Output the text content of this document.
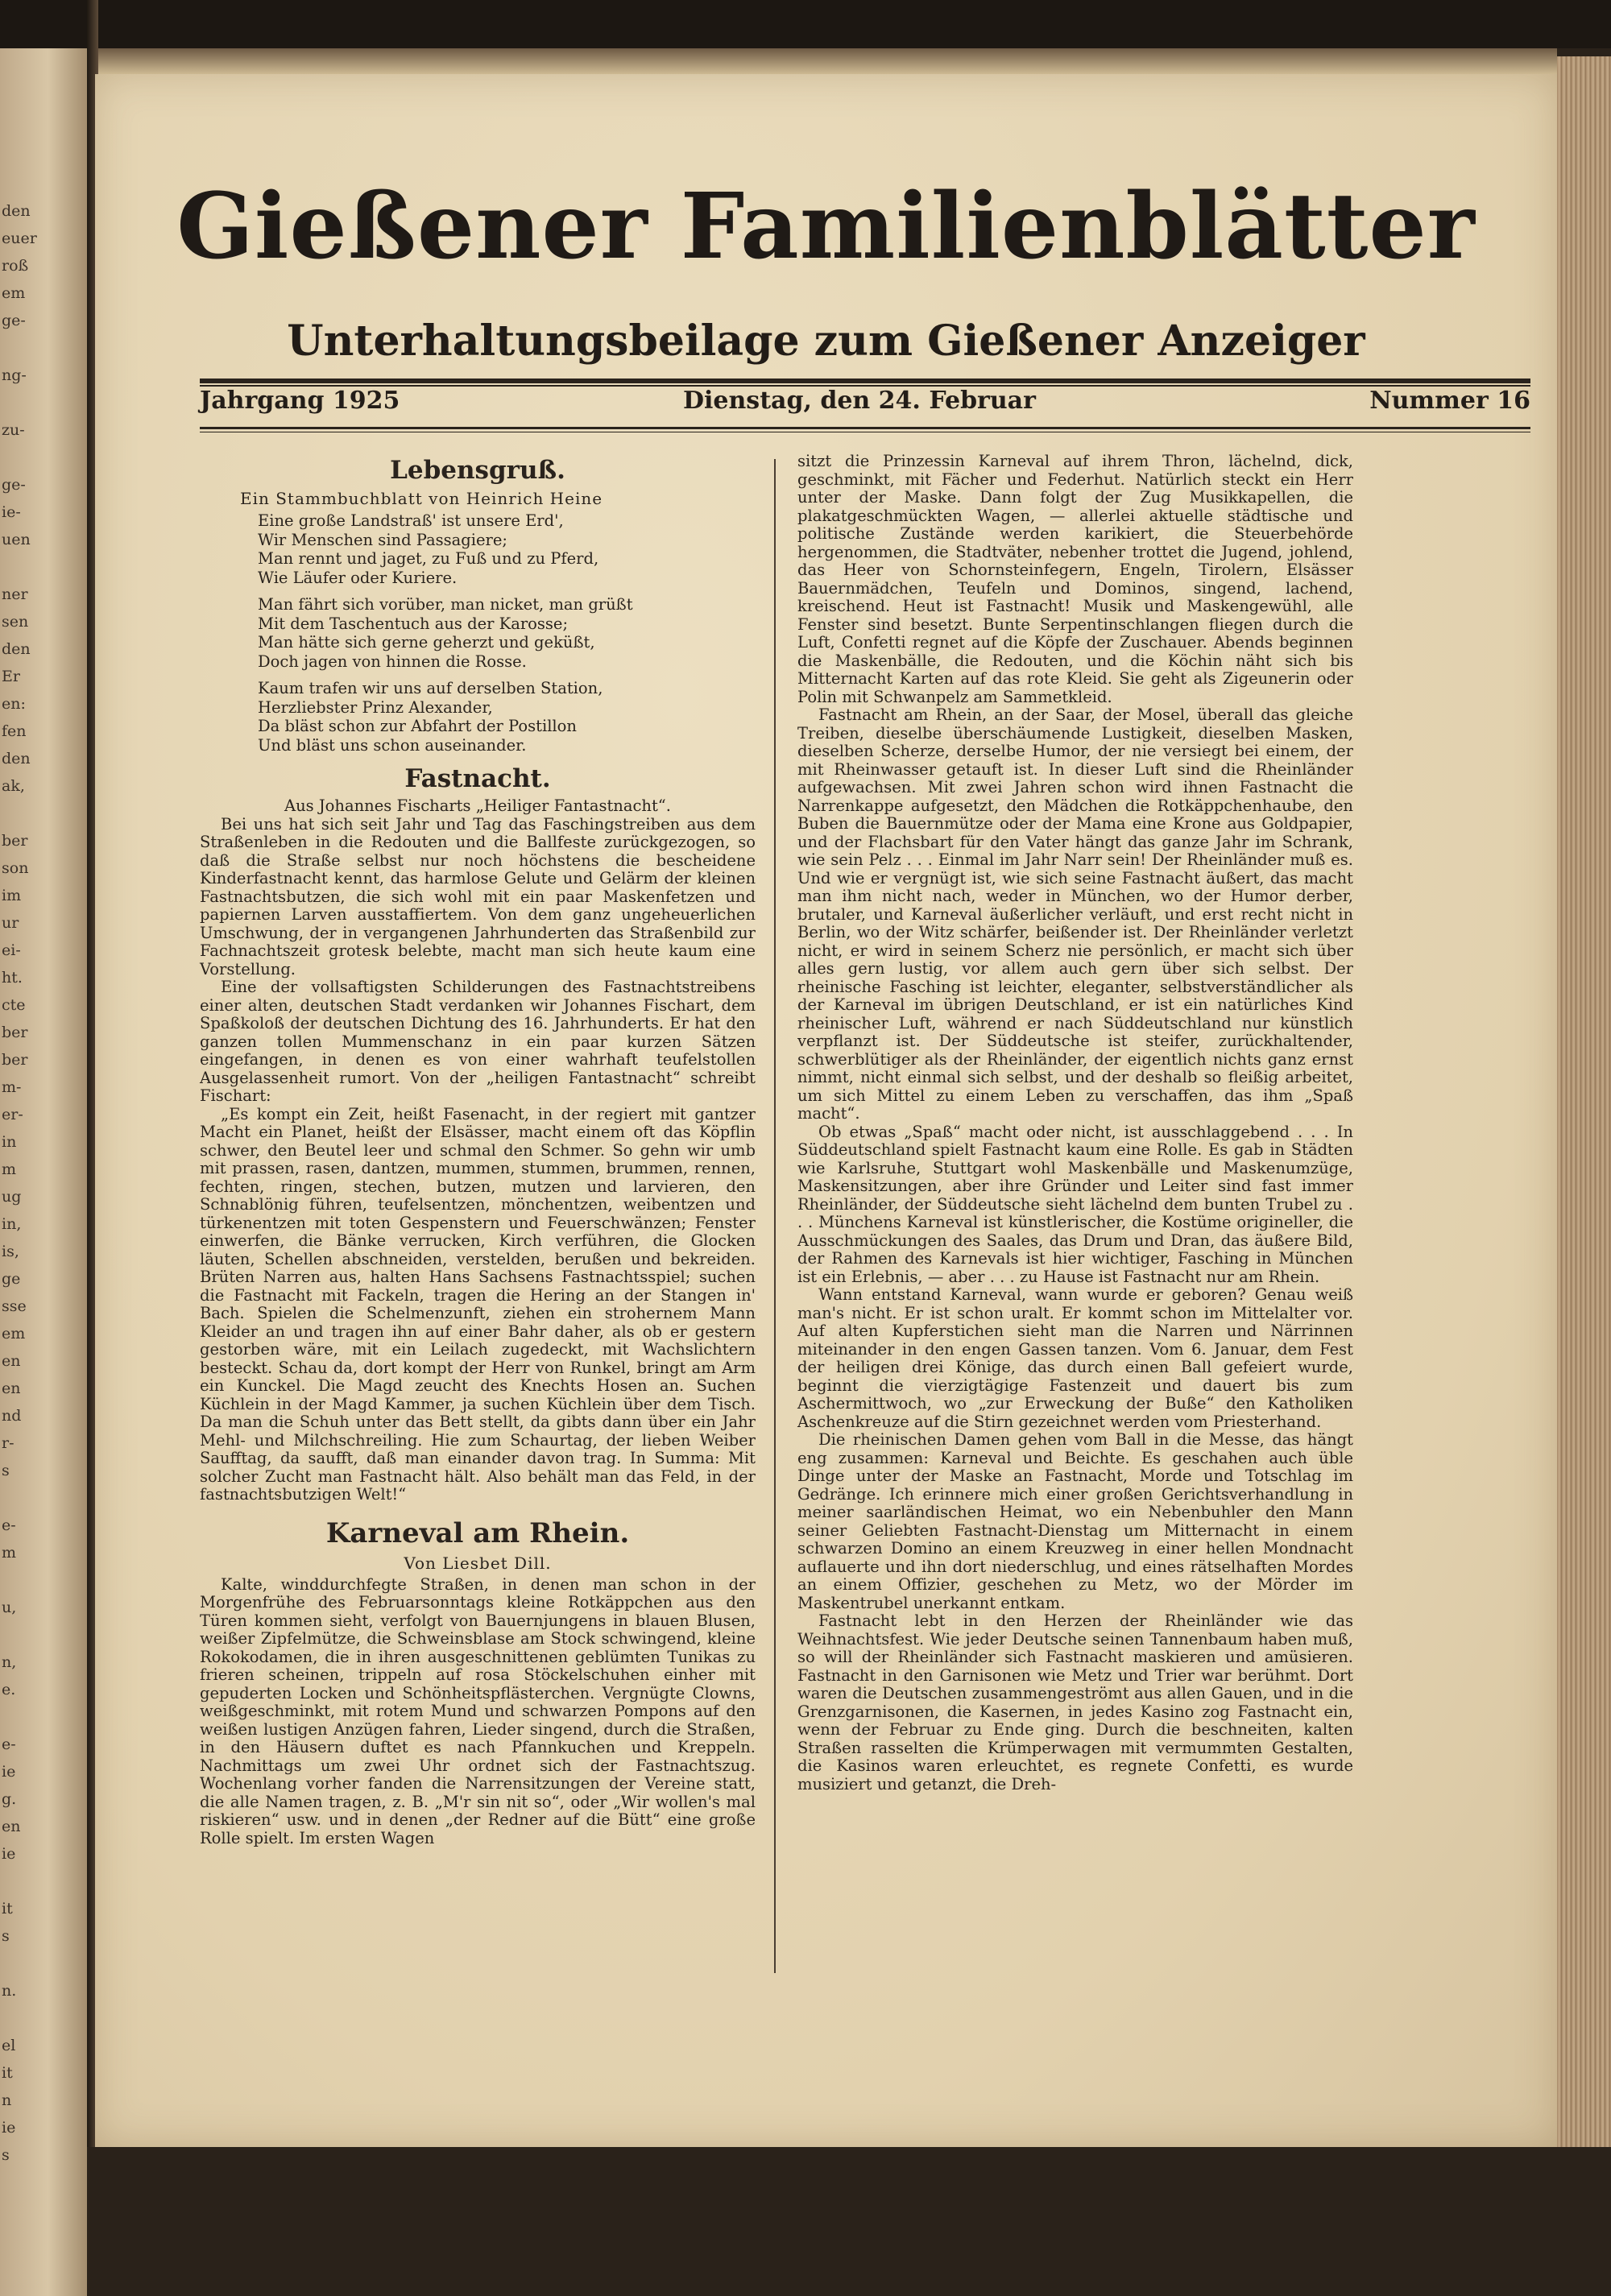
den
euer
roß
em
ge-

ng-

zu-

ge-
ie-
uen

ner
sen
den
Er
en:
fen
den
ak,

ber
son
im
ur
ei-
ht.
cte
ber
ber
m-
er-
in
m
ug
in,
is,
ge
sse
em
en
en
nd
r-
s

e-
m

u,

n,
e.

e-
ie
g.
en
ie

it
s

n.

el
it
n
ie
s
Gießener Familienblätter
Unterhaltungsbeilage zum Gießener Anzeiger
Jahrgang 1925	Dienstag, den 24. Februar	Nummer 16
Lebensgruß.
Ein Stammbuchblatt von Heinrich Heine
Eine große Landstraß' ist unsere Erd',
Wir Menschen sind Passagiere;
Man rennt und jaget, zu Fuß und zu Pferd,
Wie Läufer oder Kuriere.
Man fährt sich vorüber, man nicket, man grüßt
Mit dem Taschentuch aus der Karosse;
Man hätte sich gerne geherzt und geküßt,
Doch jagen von hinnen die Rosse.
Kaum trafen wir uns auf derselben Station,
Herzliebster Prinz Alexander,
Da bläst schon zur Abfahrt der Postillon
Und bläst uns schon auseinander.
Fastnacht.

Aus Johannes Fischarts „Heiliger Fantastnacht“.

Bei uns hat sich seit Jahr und Tag das Faschingstreiben aus dem Straßenleben in die Redouten und die Ballfeste zurückgezogen, so daß die Straße selbst nur noch höchstens die bescheidene Kinderfastnacht kennt, das harmlose Gelute und Gelärm der kleinen Fastnachtsbutzen, die sich wohl mit ein paar Maskenfetzen und papiernen Larven ausstaffiertem. Von dem ganz ungeheuerlichen Umschwung, der in vergangenen Jahrhunderten das Straßenbild zur Fachnachtszeit grotesk belebte, macht man sich heute kaum eine Vorstellung.

Eine der vollsaftigsten Schilderungen des Fastnachtstreibens einer alten, deutschen Stadt verdanken wir Johannes Fischart, dem Spaßkoloß der deutschen Dichtung des 16. Jahrhunderts. Er hat den ganzen tollen Mummenschanz in ein paar kurzen Sätzen eingefangen, in denen es von einer wahrhaft teufelstollen Ausgelassenheit rumort. Von der „heiligen Fantastnacht“ schreibt Fischart:

„Es kompt ein Zeit, heißt Fasenacht, in der regiert mit gantzer Macht ein Planet, heißt der Elsässer, macht einem oft das Köpflin schwer, den Beutel leer und schmal den Schmer. So gehn wir umb mit prassen, rasen, dantzen, mummen, stummen, brummen, rennen, fechten, ringen, stechen, butzen, mutzen und larvieren, den Schnablönig führen, teufelsentzen, mönchentzen, weibentzen und türkenentzen mit toten Gespenstern und Feuerschwänzen; Fenster einwerfen, die Bänke verrucken, Kirch verführen, die Glocken läuten, Schellen abschneiden, verstelden, berußen und bekreiden. Brüten Narren aus, halten Hans Sachsens Fastnachtsspiel; suchen die Fastnacht mit Fackeln, tragen die Hering an der Stangen in' Bach. Spielen die Schelmenzunft, ziehen ein strohernem Mann Kleider an und tragen ihn auf einer Bahr daher, als ob er gestern gestorben wäre, mit ein Leilach zugedeckt, mit Wachslichtern besteckt. Schau da, dort kompt der Herr von Runkel, bringt am Arm ein Kunckel. Die Magd zeucht des Knechts Hosen an. Suchen Küchlein in der Magd Kammer, ja suchen Küchlein über dem Tisch. Da man die Schuh unter das Bett stellt, da gibts dann über ein Jahr Mehl- und Milchschreiling. Hie zum Schaurtag, der lieben Weiber Saufftag, da saufft, daß man einander davon trag. In Summa: Mit solcher Zucht man Fastnacht hält. Also behält man das Feld, in der fastnachtsbutzigen Welt!“

Karneval am Rhein.
Von Liesbet Dill.

Kalte, winddurchfegte Straßen, in denen man schon in der Morgenfrühe des Februarsonntags kleine Rotkäppchen aus den Türen kommen sieht, verfolgt von Bauernjungens in blauen Blusen, weißer Zipfelmütze, die Schweinsblase am Stock schwingend, kleine Rokokodamen, die in ihren ausgeschnittenen geblümten Tunikas zu frieren scheinen, trippeln auf rosa Stöckelschuhen einher mit gepuderten Locken und Schönheitspflästerchen. Vergnügte Clowns, weißgeschminkt, mit rotem Mund und schwarzen Pompons auf den weißen lustigen Anzügen fahren, Lieder singend, durch die Straßen, in den Häusern duftet es nach Pfannkuchen und Kreppeln. Nachmittags um zwei Uhr ordnet sich der Fastnachtszug. Wochenlang vorher fanden die Narrensitzungen der Vereine statt, die alle Namen tragen, z. B. „M'r sin nit so“, oder „Wir wollen's mal riskieren“ usw. und in denen „der Redner auf die Bütt“ eine große Rolle spielt. Im ersten Wagen

sitzt die Prinzessin Karneval auf ihrem Thron, lächelnd, dick, geschminkt, mit Fächer und Federhut. Natürlich steckt ein Herr unter der Maske. Dann folgt der Zug Musikkapellen, die plakatgeschmückten Wagen, — allerlei aktuelle städtische und politische Zustände werden karikiert, die Steuerbehörde hergenommen, die Stadtväter, nebenher trottet die Jugend, johlend, das Heer von Schornsteinfegern, Engeln, Tirolern, Elsässer Bauernmädchen, Teufeln und Dominos, singend, lachend, kreischend. Heut ist Fastnacht! Musik und Maskengewühl, alle Fenster sind besetzt. Bunte Serpentinschlangen fliegen durch die Luft, Confetti regnet auf die Köpfe der Zuschauer. Abends beginnen die Maskenbälle, die Redouten, und die Köchin näht sich bis Mitternacht Karten auf das rote Kleid. Sie geht als Zigeunerin oder Polin mit Schwanpelz am Sammetkleid.

Fastnacht am Rhein, an der Saar, der Mosel, überall das gleiche Treiben, dieselbe überschäumende Lustigkeit, dieselben Masken, dieselben Scherze, derselbe Humor, der nie versiegt bei einem, der mit Rheinwasser getauft ist. In dieser Luft sind die Rheinländer aufgewachsen. Mit zwei Jahren schon wird ihnen Fastnacht die Narrenkappe aufgesetzt, den Mädchen die Rotkäppchenhaube, den Buben die Bauernmütze oder der Mama eine Krone aus Goldpapier, und der Flachsbart für den Vater hängt das ganze Jahr im Schrank, wie sein Pelz . . . Einmal im Jahr Narr sein! Der Rheinländer muß es. Und wie er vergnügt ist, wie sich seine Fastnacht äußert, das macht man ihm nicht nach, weder in München, wo der Humor derber, brutaler, und Karneval äußerlicher verläuft, und erst recht nicht in Berlin, wo der Witz schärfer, beißender ist. Der Rheinländer verletzt nicht, er wird in seinem Scherz nie persönlich, er macht sich über alles gern lustig, vor allem auch gern über sich selbst. Der rheinische Fasching ist leichter, eleganter, selbstverständlicher als der Karneval im übrigen Deutschland, er ist ein natürliches Kind rheinischer Luft, während er nach Süddeutschland nur künstlich verpflanzt ist. Der Süddeutsche ist steifer, zurückhaltender, schwerblütiger als der Rheinländer, der eigentlich nichts ganz ernst nimmt, nicht einmal sich selbst, und der deshalb so fleißig arbeitet, um sich Mittel zu einem Leben zu verschaffen, das ihm „Spaß macht“.

Ob etwas „Spaß“ macht oder nicht, ist ausschlaggebend . . . In Süddeutschland spielt Fastnacht kaum eine Rolle. Es gab in Städten wie Karlsruhe, Stuttgart wohl Maskenbälle und Maskenumzüge, Maskensitzungen, aber ihre Gründer und Leiter sind fast immer Rheinländer, der Süddeutsche sieht lächelnd dem bunten Trubel zu . . . Münchens Karneval ist künstlerischer, die Kostüme origineller, die Ausschmückungen des Saales, das Drum und Dran, das äußere Bild, der Rahmen des Karnevals ist hier wichtiger, Fasching in München ist ein Erlebnis, — aber . . . zu Hause ist Fastnacht nur am Rhein.

Wann entstand Karneval, wann wurde er geboren? Genau weiß man's nicht. Er ist schon uralt. Er kommt schon im Mittelalter vor. Auf alten Kupferstichen sieht man die Narren und Närrinnen miteinander in den engen Gassen tanzen. Vom 6. Januar, dem Fest der heiligen drei Könige, das durch einen Ball gefeiert wurde, beginnt die vierzigtägige Fastenzeit und dauert bis zum Aschermittwoch, wo „zur Erweckung der Buße“ den Katholiken Aschenkreuze auf die Stirn gezeichnet werden vom Priesterhand.

Die rheinischen Damen gehen vom Ball in die Messe, das hängt eng zusammen: Karneval und Beichte. Es geschahen auch üble Dinge unter der Maske an Fastnacht, Morde und Totschlag im Gedränge. Ich erinnere mich einer großen Gerichtsverhandlung in meiner saarländischen Heimat, wo ein Nebenbuhler den Mann seiner Geliebten Fastnacht-Dienstag um Mitternacht in einem schwarzen Domino an einem Kreuzweg in einer hellen Mondnacht auflauerte und ihn dort niederschlug, und eines rätselhaften Mordes an einem Offizier, geschehen zu Metz, wo der Mörder im Maskentrubel unerkannt entkam.

Fastnacht lebt in den Herzen der Rheinländer wie das Weihnachtsfest. Wie jeder Deutsche seinen Tannenbaum haben muß, so will der Rheinländer sich Fastnacht maskieren und amüsieren. Fastnacht in den Garnisonen wie Metz und Trier war berühmt. Dort waren die Deutschen zusammengeströmt aus allen Gauen, und in die Grenzgarnisonen, die Kasernen, in jedes Kasino zog Fastnacht ein, wenn der Februar zu Ende ging. Durch die beschneiten, kalten Straßen rasselten die Krümperwagen mit vermummten Gestalten, die Kasinos waren erleuchtet, es regnete Confetti, es wurde musiziert und getanzt, die Dreh-
